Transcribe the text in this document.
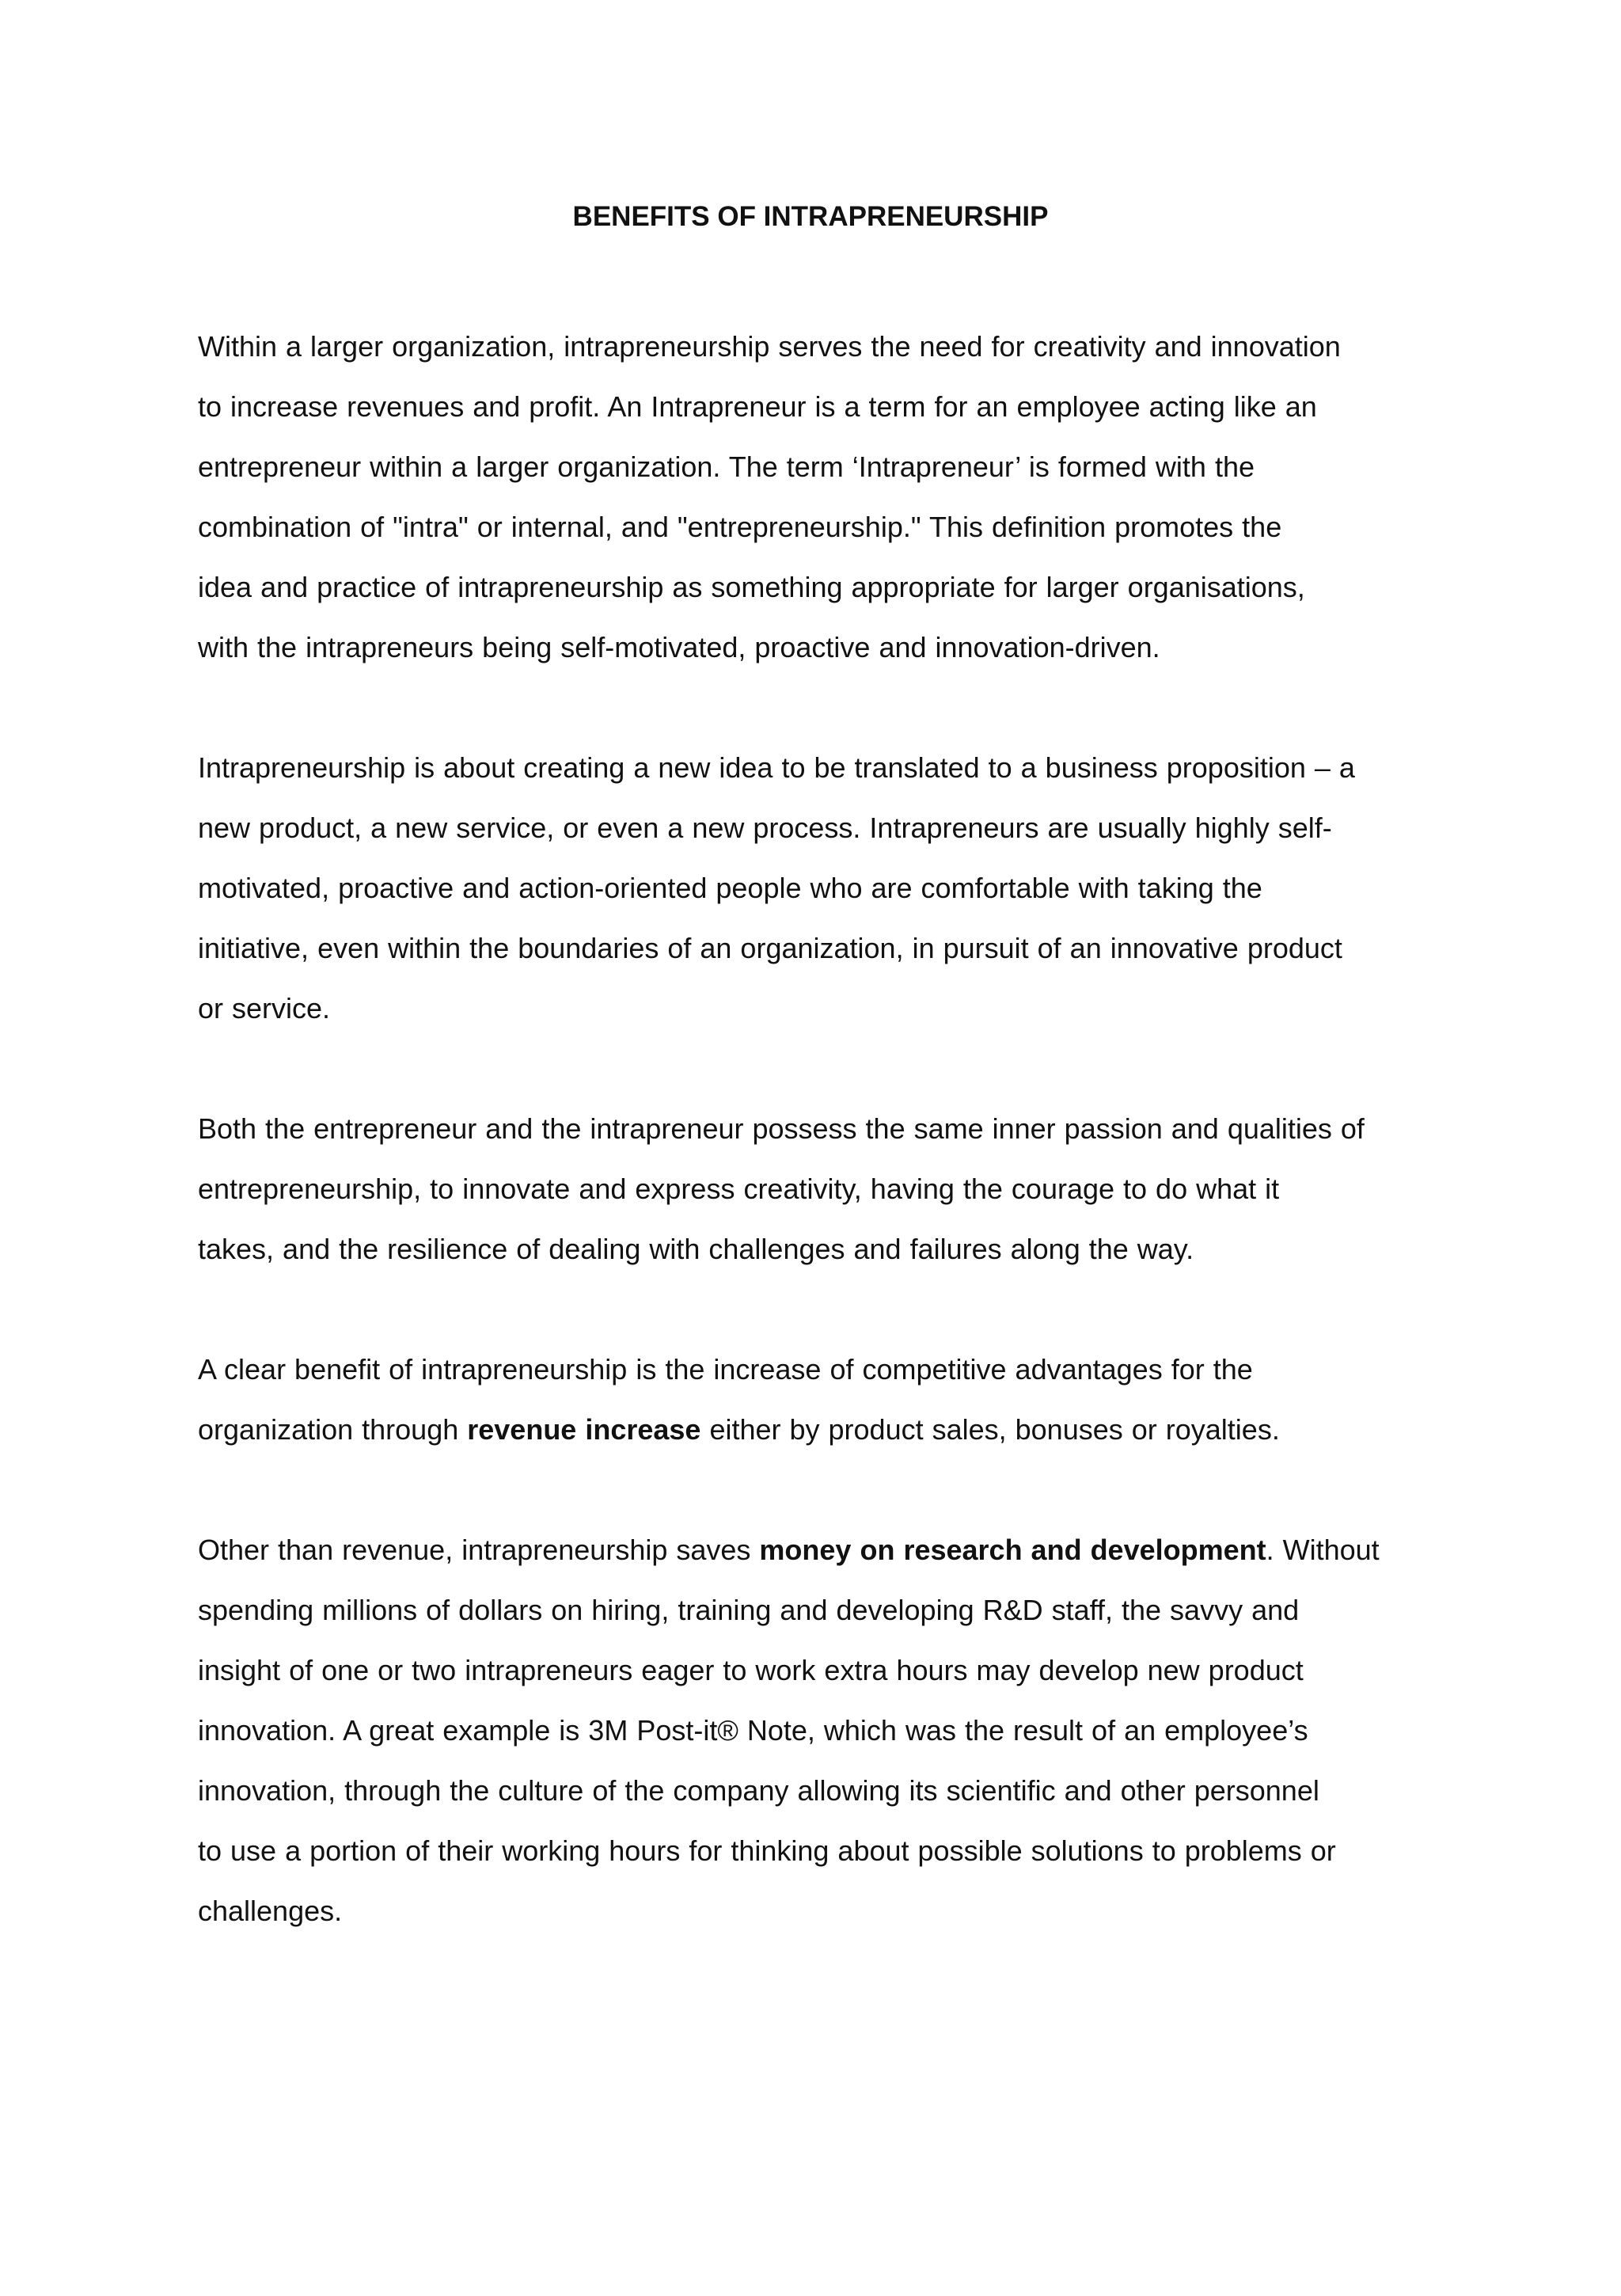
BENEFITS OF INTRAPRENEURSHIP

Within a larger organization, intrapreneurship serves the need for creativity and innovation
to increase revenues and profit. An Intrapreneur is a term for an employee acting like an
entrepreneur within a larger organization. The term ‘Intrapreneur’ is formed with the
combination of "intra" or internal, and "entrepreneurship." This definition promotes the
idea and practice of intrapreneurship as something appropriate for larger organisations,
with the intrapreneurs being self-motivated, proactive and innovation-driven.

Intrapreneurship is about creating a new idea to be translated to a business proposition – a
new product, a new service, or even a new process. Intrapreneurs are usually highly self-
motivated, proactive and action-oriented people who are comfortable with taking the
initiative, even within the boundaries of an organization, in pursuit of an innovative product
or service.

Both the entrepreneur and the intrapreneur possess the same inner passion and qualities of
entrepreneurship, to innovate and express creativity, having the courage to do what it
takes, and the resilience of dealing with challenges and failures along the way.

A clear benefit of intrapreneurship is the increase of competitive advantages for the
organization through revenue increase either by product sales, bonuses or royalties.

Other than revenue, intrapreneurship saves money on research and development. Without
spending millions of dollars on hiring, training and developing R&D staff, the savvy and
insight of one or two intrapreneurs eager to work extra hours may develop new product
innovation. A great example is 3M Post-it® Note, which was the result of an employee’s
innovation, through the culture of the company allowing its scientific and other personnel
to use a portion of their working hours for thinking about possible solutions to problems or
challenges.
